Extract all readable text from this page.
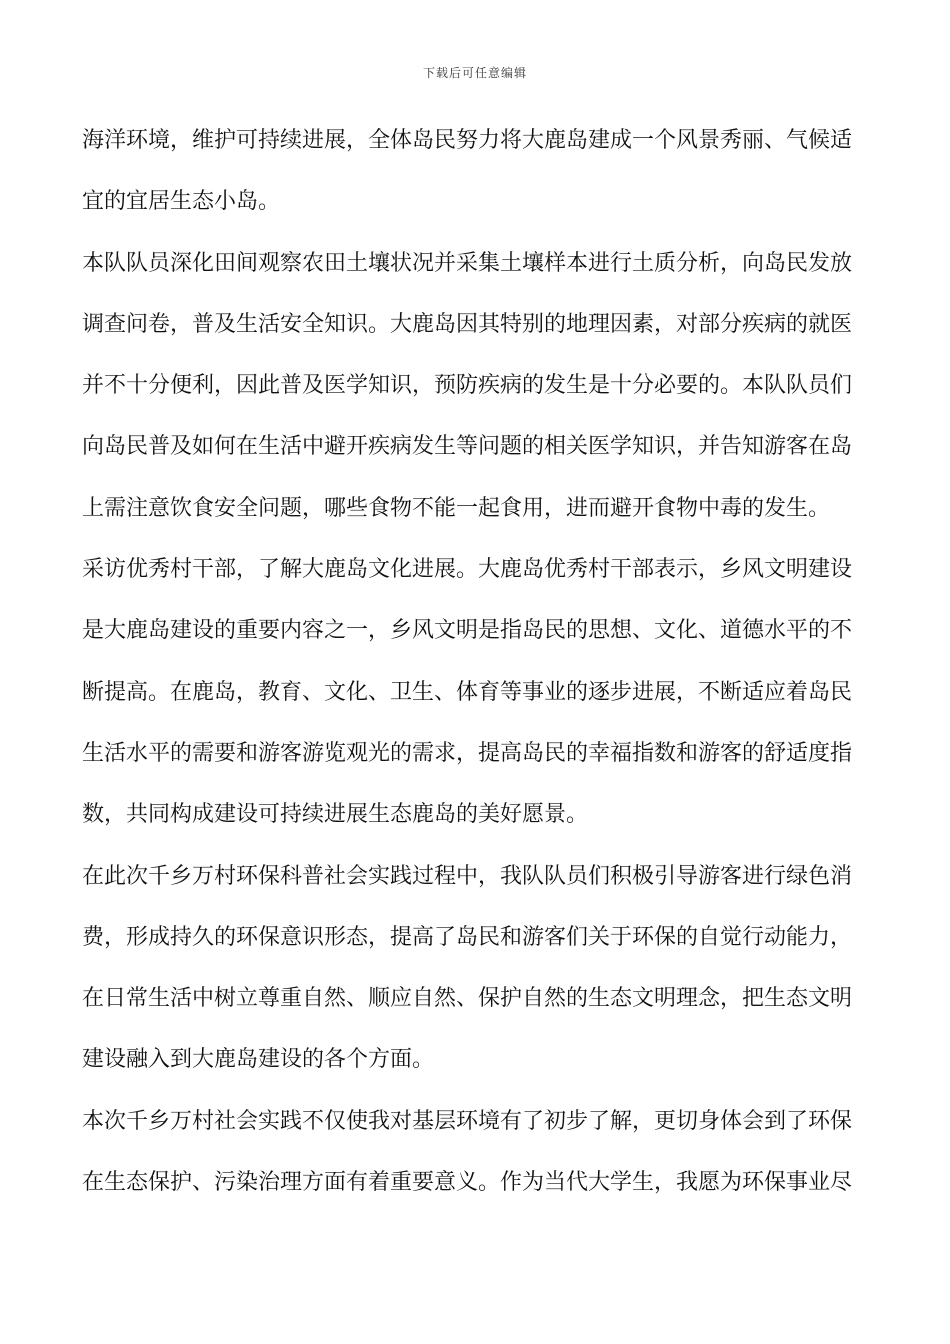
下载后可任意编辑
海洋环境，维护可持续进展，全体岛民努力将大鹿岛建成一个风景秀丽、气候适
宜的宜居生态小岛。
本队队员深化田间观察农田土壤状况并采集土壤样本进行土质分析，向岛民发放
调查问卷，普及生活安全知识。大鹿岛因其特别的地理因素，对部分疾病的就医
并不十分便利，因此普及医学知识，预防疾病的发生是十分必要的。本队队员们
向岛民普及如何在生活中避开疾病发生等问题的相关医学知识，并告知游客在岛
上需注意饮食安全问题，哪些食物不能一起食用，进而避开食物中毒的发生。
采访优秀村干部，了解大鹿岛文化进展。大鹿岛优秀村干部表示，乡风文明建设
是大鹿岛建设的重要内容之一，乡风文明是指岛民的思想、文化、道德水平的不
断提高。在鹿岛，教育、文化、卫生、体育等事业的逐步进展，不断适应着岛民
生活水平的需要和游客游览观光的需求，提高岛民的幸福指数和游客的舒适度指
数，共同构成建设可持续进展生态鹿岛的美好愿景。
在此次千乡万村环保科普社会实践过程中，我队队员们积极引导游客进行绿色消
费，形成持久的环保意识形态，提高了岛民和游客们关于环保的自觉行动能力，
在日常生活中树立尊重自然、顺应自然、保护自然的生态文明理念，把生态文明
建设融入到大鹿岛建设的各个方面。
本次千乡万村社会实践不仅使我对基层环境有了初步了解，更切身体会到了环保
在生态保护、污染治理方面有着重要意义。作为当代大学生，我愿为环保事业尽
